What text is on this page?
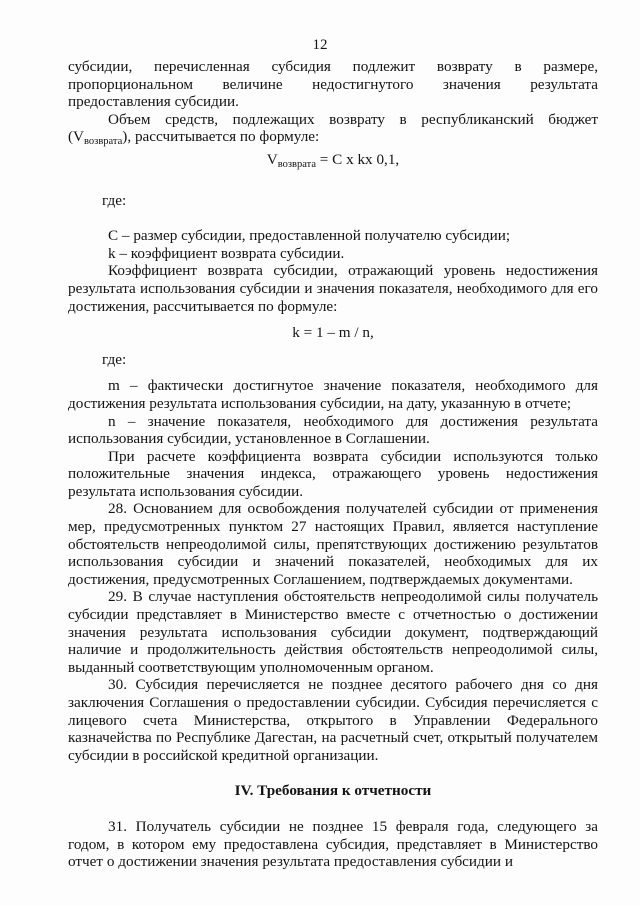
12

субсидии, перечисленная субсидия подлежит возврату в размере, пропорциональном величине недостигнутого значения результата предоставления субсидии.

Объем средств, подлежащих возврату в республиканский бюджет $(V_{возврата})$, рассчитывается по формуле:

$V_{возврата} = С$ х kх 0,1,

где:

С – размер субсидии, предоставленной получателю субсидии;

k – коэффициент возврата субсидии.

Коэффициент возврата субсидии, отражающий уровень недостижения результата использования субсидии и значения показателя, необходимого для его достижения, рассчитывается по формуле:

k = 1 – m / n,

где:

m – фактически достигнутое значение показателя, необходимого для достижения результата использования субсидии, на дату, указанную в отчете;

n – значение показателя, необходимого для достижения результата использования субсидии, установленное в Соглашении.

При расчете коэффициента возврата субсидии используются только положительные значения индекса, отражающего уровень недостижения результата использования субсидии.

28. Основанием для освобождения получателей субсидии от применения мер, предусмотренных пунктом 27 настоящих Правил, является наступление обстоятельств непреодолимой силы, препятствующих достижению результатов использования субсидии и значений показателей, необходимых для их достижения, предусмотренных Соглашением, подтверждаемых документами.

29. В случае наступления обстоятельств непреодолимой силы получатель субсидии представляет в Министерство вместе с отчетностью о достижении значения результата использования субсидии документ, подтверждающий наличие и продолжительность действия обстоятельств непреодолимой силы, выданный соответствующим уполномоченным органом.

30. Субсидия перечисляется не позднее десятого рабочего дня со дня заключения Соглашения о предоставлении субсидии. Субсидия перечисляется с лицевого счета Министерства, открытого в Управлении Федерального казначейства по Республике Дагестан, на расчетный счет, открытый получателем субсидии в российской кредитной организации.

IV. Требования к отчетности

31. Получатель субсидии не позднее 15 февраля года, следующего за годом, в котором ему предоставлена субсидия, представляет в Министерство отчет о достижении значения результата предоставления субсидии и
